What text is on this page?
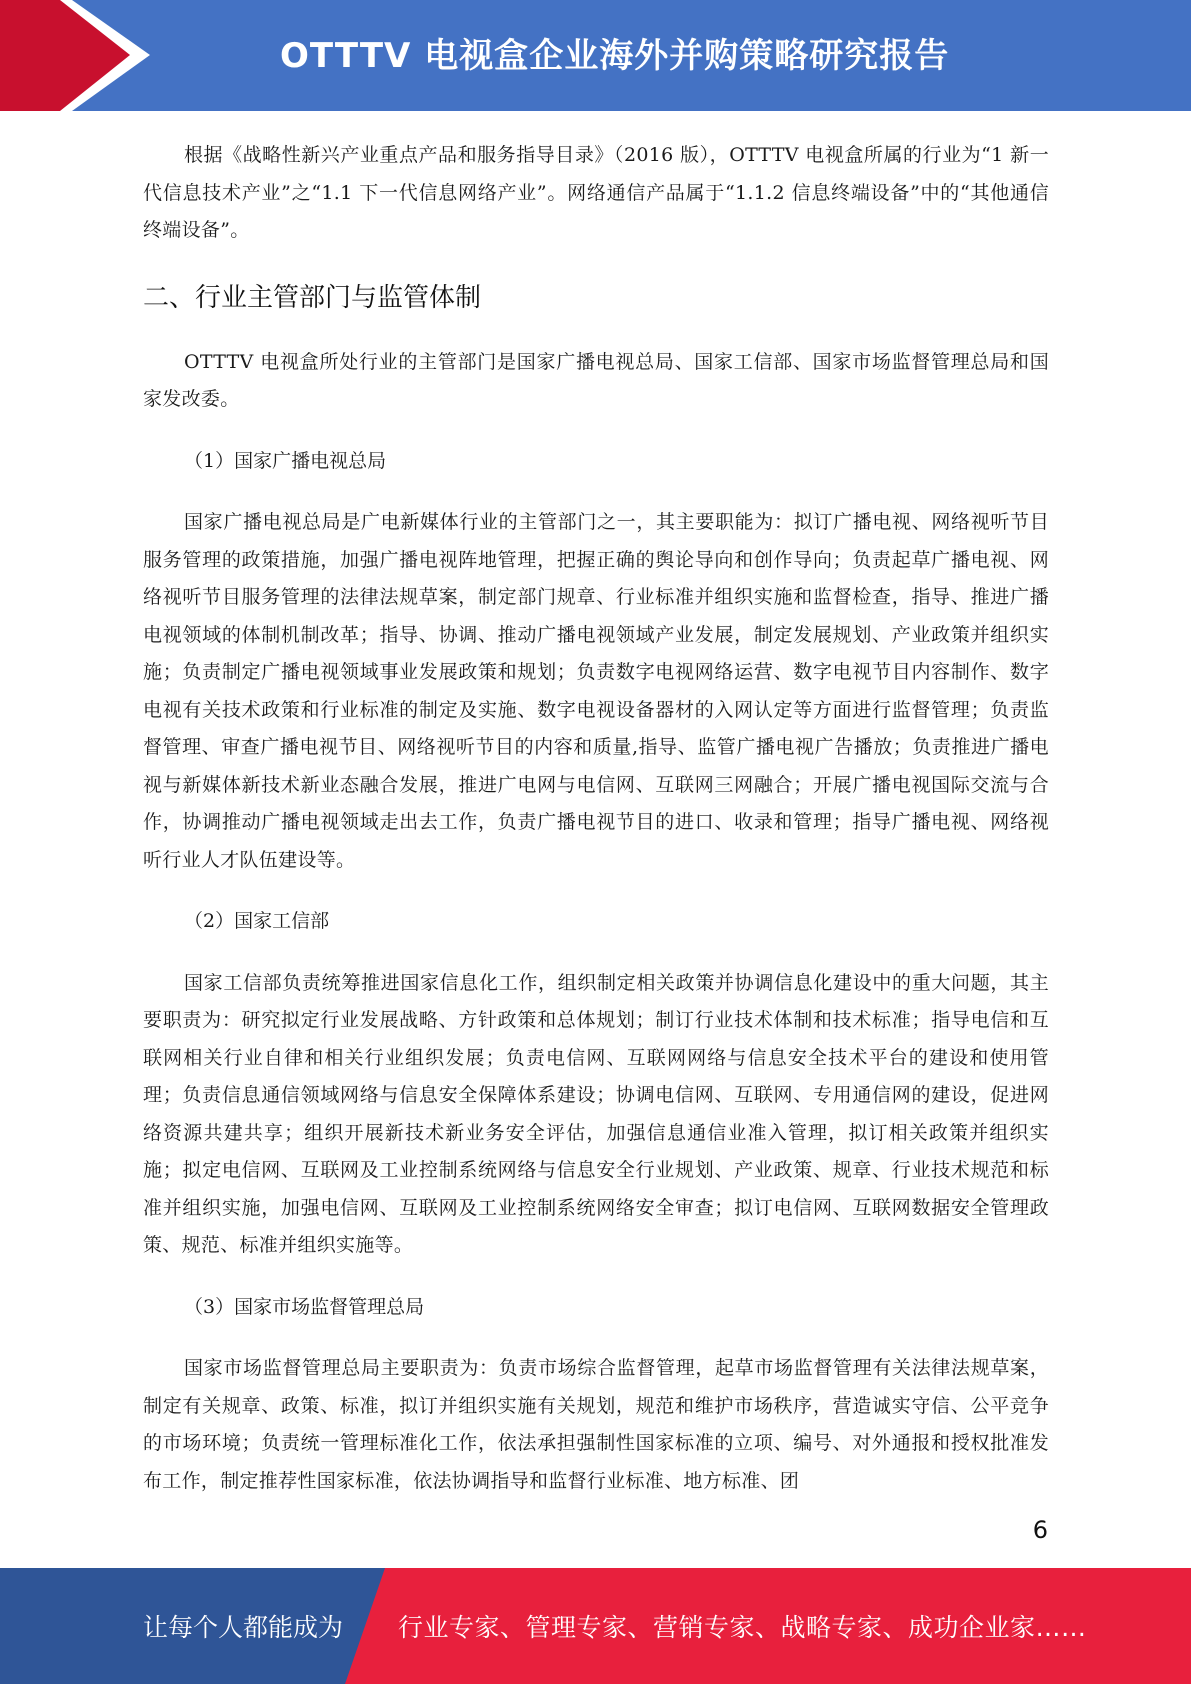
OTTTV 电视盒企业海外并购策略研究报告

根据《战略性新兴产业重点产品和服务指导目录》（2016 版），OTTTV 电视盒所属的行业为“1 新一代信息技术产业”之“1.1 下一代信息网络产业”。网络通信产品属于“1.1.2 信息终端设备”中的“其他通信终端设备”。

二、行业主管部门与监管体制

OTTTV 电视盒所处行业的主管部门是国家广播电视总局、国家工信部、国家市场监督管理总局和国家发改委。

（1）国家广播电视总局

国家广播电视总局是广电新媒体行业的主管部门之一，其主要职能为：拟订广播电视、网络视听节目服务管理的政策措施，加强广播电视阵地管理，把握正确的舆论导向和创作导向；负责起草广播电视、网络视听节目服务管理的法律法规草案，制定部门规章、行业标准并组织实施和监督检查，指导、推进广播电视领域的体制机制改革；指导、协调、推动广播电视领域产业发展，制定发展规划、产业政策并组织实施；负责制定广播电视领域事业发展政策和规划；负责数字电视网络运营、数字电视节目内容制作、数字电视有关技术政策和行业标准的制定及实施、数字电视设备器材的入网认定等方面进行监督管理；负责监督管理、审查广播电视节目、网络视听节目的内容和质量,指导、监管广播电视广告播放；负责推进广播电视与新媒体新技术新业态融合发展，推进广电网与电信网、互联网三网融合；开展广播电视国际交流与合作，协调推动广播电视领域走出去工作，负责广播电视节目的进口、收录和管理；指导广播电视、网络视听行业人才队伍建设等。

（2）国家工信部

国家工信部负责统筹推进国家信息化工作，组织制定相关政策并协调信息化建设中的重大问题，其主要职责为：研究拟定行业发展战略、方针政策和总体规划；制订行业技术体制和技术标准；指导电信和互联网相关行业自律和相关行业组织发展；负责电信网、互联网网络与信息安全技术平台的建设和使用管理；负责信息通信领域网络与信息安全保障体系建设；协调电信网、互联网、专用通信网的建设，促进网络资源共建共享；组织开展新技术新业务安全评估，加强信息通信业准入管理，拟订相关政策并组织实施；拟定电信网、互联网及工业控制系统网络与信息安全行业规划、产业政策、规章、行业技术规范和标准并组织实施，加强电信网、互联网及工业控制系统网络安全审查；拟订电信网、互联网数据安全管理政策、规范、标准并组织实施等。

（3）国家市场监督管理总局

国家市场监督管理总局主要职责为：负责市场综合监督管理，起草市场监督管理有关法律法规草案，制定有关规章、政策、标准，拟订并组织实施有关规划，规范和维护市场秩序，营造诚实守信、公平竞争的市场环境；负责统一管理标准化工作，依法承担强制性国家标准的立项、编号、对外通报和授权批准发布工作，制定推荐性国家标准，依法协调指导和监督行业标准、地方标准、团

6
让每个人都能成为 行业专家、管理专家、营销专家、战略专家、成功企业家……
